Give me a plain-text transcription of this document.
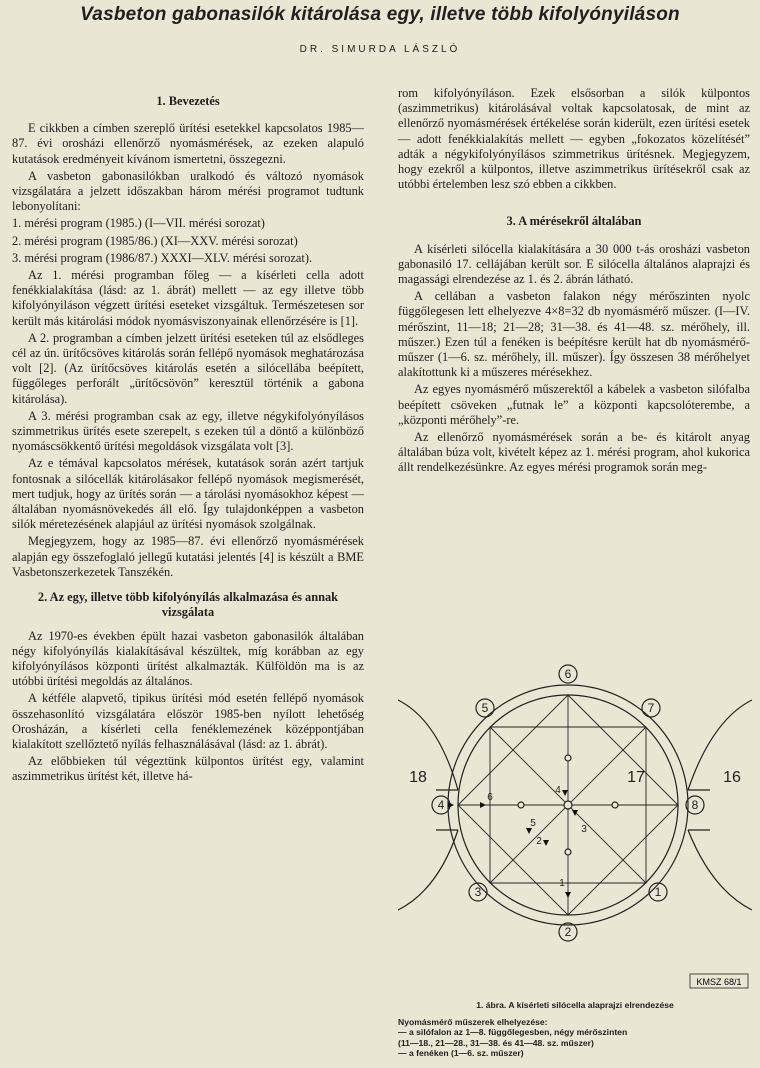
Vasbeton gabonasilók kitárolása egy, illetve több kifolyónyiláson
DR. SIMURDA LÁSZLÓ
1. Bevezetés

E cikkben a címben szereplő ürítési esetekkel kapcsolatos 1985—87. évi orosházi ellenőrző nyomásmérések, az ezeken alapuló kutatások eredményeit kívánom ismertetni, összegezni.

A vasbeton gabonasilókban uralkodó és változó nyomások vizsgálatára a jelzett időszakban három mérési programot tudtunk lebonyolítani:

1. mérési program (1985.) (I—VII. mérési sorozat)

2. mérési program (1985/86.) (XI—XXV. mérési sorozat)

3. mérési program (1986/87.) XXXI—XLV. mérési sorozat).

Az 1. mérési programban főleg — a kísérleti cella adott fenékkialakítása (lásd: az 1. ábrát) mellett — az egy illetve több kifolyónyiláson végzett ürítési eseteket vizsgáltuk. Természetesen sor került más kitárolási módok nyomásviszonyainak ellenőrzésére is [1].

A 2. programban a címben jelzett ürítési eseteken túl az elsődleges cél az ún. ürítőcsöves kitárolás során fellépő nyomások meghatározása volt [2]. (Az ürítőcsöves kitárolás esetén a silócellába beépített, függőleges perforált „ürítőcsövön” keresztül történik a gabona kitárolása).

A 3. mérési programban csak az egy, illetve négykifolyónyílásos szimmetrikus ürítés esete szerepelt, s ezeken túl a döntő a különböző nyomáscsökkentő ürítési megoldások vizsgálata volt [3].

Az e témával kapcsolatos mérések, kutatások során azért tartjuk fontosnak a silócellák kitárolásakor fellépő nyomások megismerését, mert tudjuk, hogy az ürítés során — a tárolási nyomásokhoz képest — általában nyomásnövekedés áll elő. Így tulajdonképpen a vasbeton silók méretezésének alapjául az ürítési nyomások szolgálnak.

Megjegyzem, hogy az 1985—87. évi ellenőrző nyomásmérések alapján egy összefoglaló jellegű kutatási jelentés [4] is készült a BME Vasbetonszerkezetek Tanszékén.

2. Az egy, illetve több kifolyónyílás alkalmazása és annak vizsgálata

Az 1970-es években épült hazai vasbeton gabonasilók általában négy kifolyónyílás kialakításával készültek, míg korábban az egy kifolyónyílásos központi ürítést alkalmazták. Külföldön ma is az utóbbi ürítési megoldás az általános.

A kétféle alapvető, tipikus ürítési mód esetén fellépő nyomások összehasonlító vizsgálatára először 1985-ben nyílott lehetőség Orosházán, a kísérleti cella fenéklemezének középpontjában kialakított szellőztető nyílás felhasználásával (lásd: az 1. ábrát).

Az előbbieken túl végeztünk külpontos ürítést egy, valamint aszimmetrikus ürítést két, illetve há-

rom kifolyónyíláson. Ezek elsősorban a silók külpontos (aszimmetrikus) kitárolásával voltak kapcsolatosak, de mint az ellenőrző nyomásmérések értékelése során kiderült, ezen ürítési esetek — adott fenékkialakítás mellett — egyben „fokozatos közelítését” adták a négykifolyónyílásos szimmetrikus ürítésnek. Megjegyzem, hogy ezekről a külpontos, illetve aszimmetrikus ürítésekről csak az utóbbi értelemben lesz szó ebben a cikkben.

3. A mérésekről általában

A kísérleti silócella kialakítására a 30 000 t-ás orosházi vasbeton gabonasiló 17. cellájában került sor. E silócella általános alaprajzi és magassági elrendezése az 1. és 2. ábrán látható.

A cellában a vasbeton falakon négy mérőszinten nyolc függőlegesen lett elhelyezve 4×8=32 db nyomásmérő műszer. (I—IV. mérőszint, 11—18; 21—28; 31—38. és 41—48. sz. mérőhely, ill. műszer.) Ezen túl a fenéken is beépítésre került hat db nyomásmérő-műszer (1—6. sz. mérőhely, ill. műszer). Így összesen 38 mérőhelyet alakítottunk ki a műszeres mérésekhez.

Az egyes nyomásmérő műszerektől a kábelek a vasbeton silófalba beépített csöveken „futnak le” a központi kapcsolóterembe, a „központi mérőhely”-re.

Az ellenőrző nyomásmérések során a be- és kitárolt anyag általában búza volt, kivételt képez az 1. mérési program, ahol kukorica állt rendelkezésünkre. Az egyes mérési programok során meg-

18	17	16
1
2
3
4
5
6
7
8
1
2
3
4
5
6
KMSZ 68/1
1. ábra. A kísérleti silócella alaprajzi elrendezése
Nyomásmérő műszerek elhelyezése:
— a silófalon az 1—8. függőlegesben, négy mérőszinten
(11—18., 21—28., 31—38. és 41—48. sz. műszer)
— a fenéken (1—6. sz. műszer)
